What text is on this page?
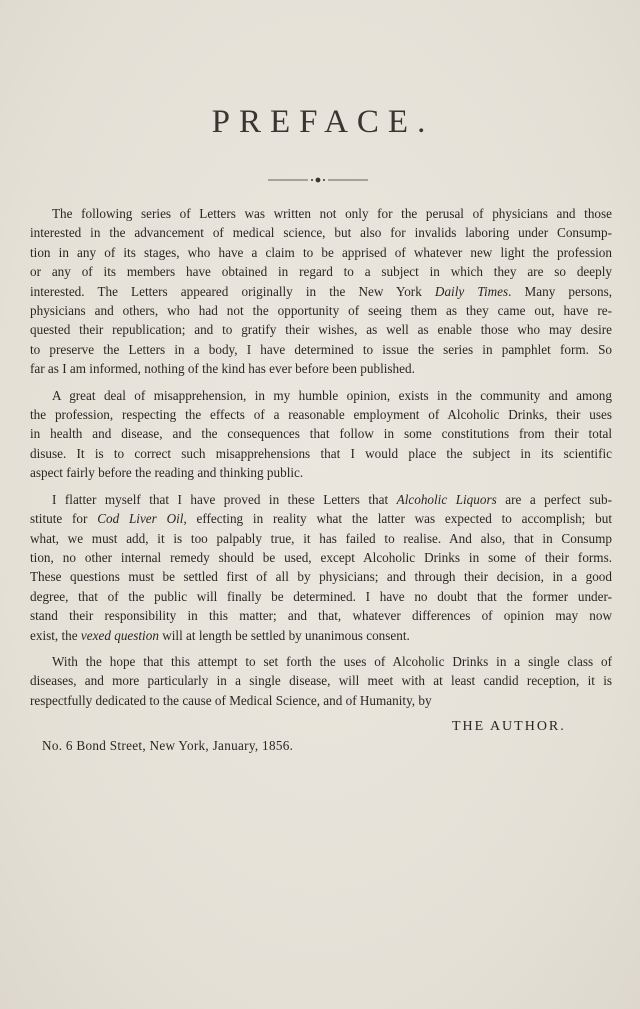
PREFACE.
The following series of Letters was written not only for the perusal of physicians and those
interested in the advancement of medical science, but also for invalids laboring under Consump-
tion in any of its stages, who have a claim to be apprised of whatever new light the profession
or any of its members have obtained in regard to a subject in which they are so deeply
interested. The Letters appeared originally in the New York Daily Times. Many persons,
physicians and others, who had not the opportunity of seeing them as they came out, have re-
quested their republication; and to gratify their wishes, as well as enable those who may desire
to preserve the Letters in a body, I have determined to issue the series in pamphlet form. So
far as I am informed, nothing of the kind has ever before been published.
A great deal of misapprehension, in my humble opinion, exists in the community and among
the profession, respecting the effects of a reasonable employment of Alcoholic Drinks, their uses
in health and disease, and the consequences that follow in some constitutions from their total
disuse. It is to correct such misapprehensions that I would place the subject in its scientific
aspect fairly before the reading and thinking public.
I flatter myself that I have proved in these Letters that Alcoholic Liquors are a perfect sub-
stitute for Cod Liver Oil, effecting in reality what the latter was expected to accomplish; but
what, we must add, it is too palpably true, it has failed to realise. And also, that in Consump
tion, no other internal remedy should be used, except Alcoholic Drinks in some of their forms.
These questions must be settled first of all by physicians; and through their decision, in a good
degree, that of the public will finally be determined. I have no doubt that the former under-
stand their responsibility in this matter; and that, whatever differences of opinion may now
exist, the vexed question will at length be settled by unanimous consent.
With the hope that this attempt to set forth the uses of Alcoholic Drinks in a single class of
diseases, and more particularly in a single disease, will meet with at least candid reception, it is
respectfully dedicated to the cause of Medical Science, and of Humanity, by
THE AUTHOR.
No. 6 Bond Street, New York, January, 1856.
